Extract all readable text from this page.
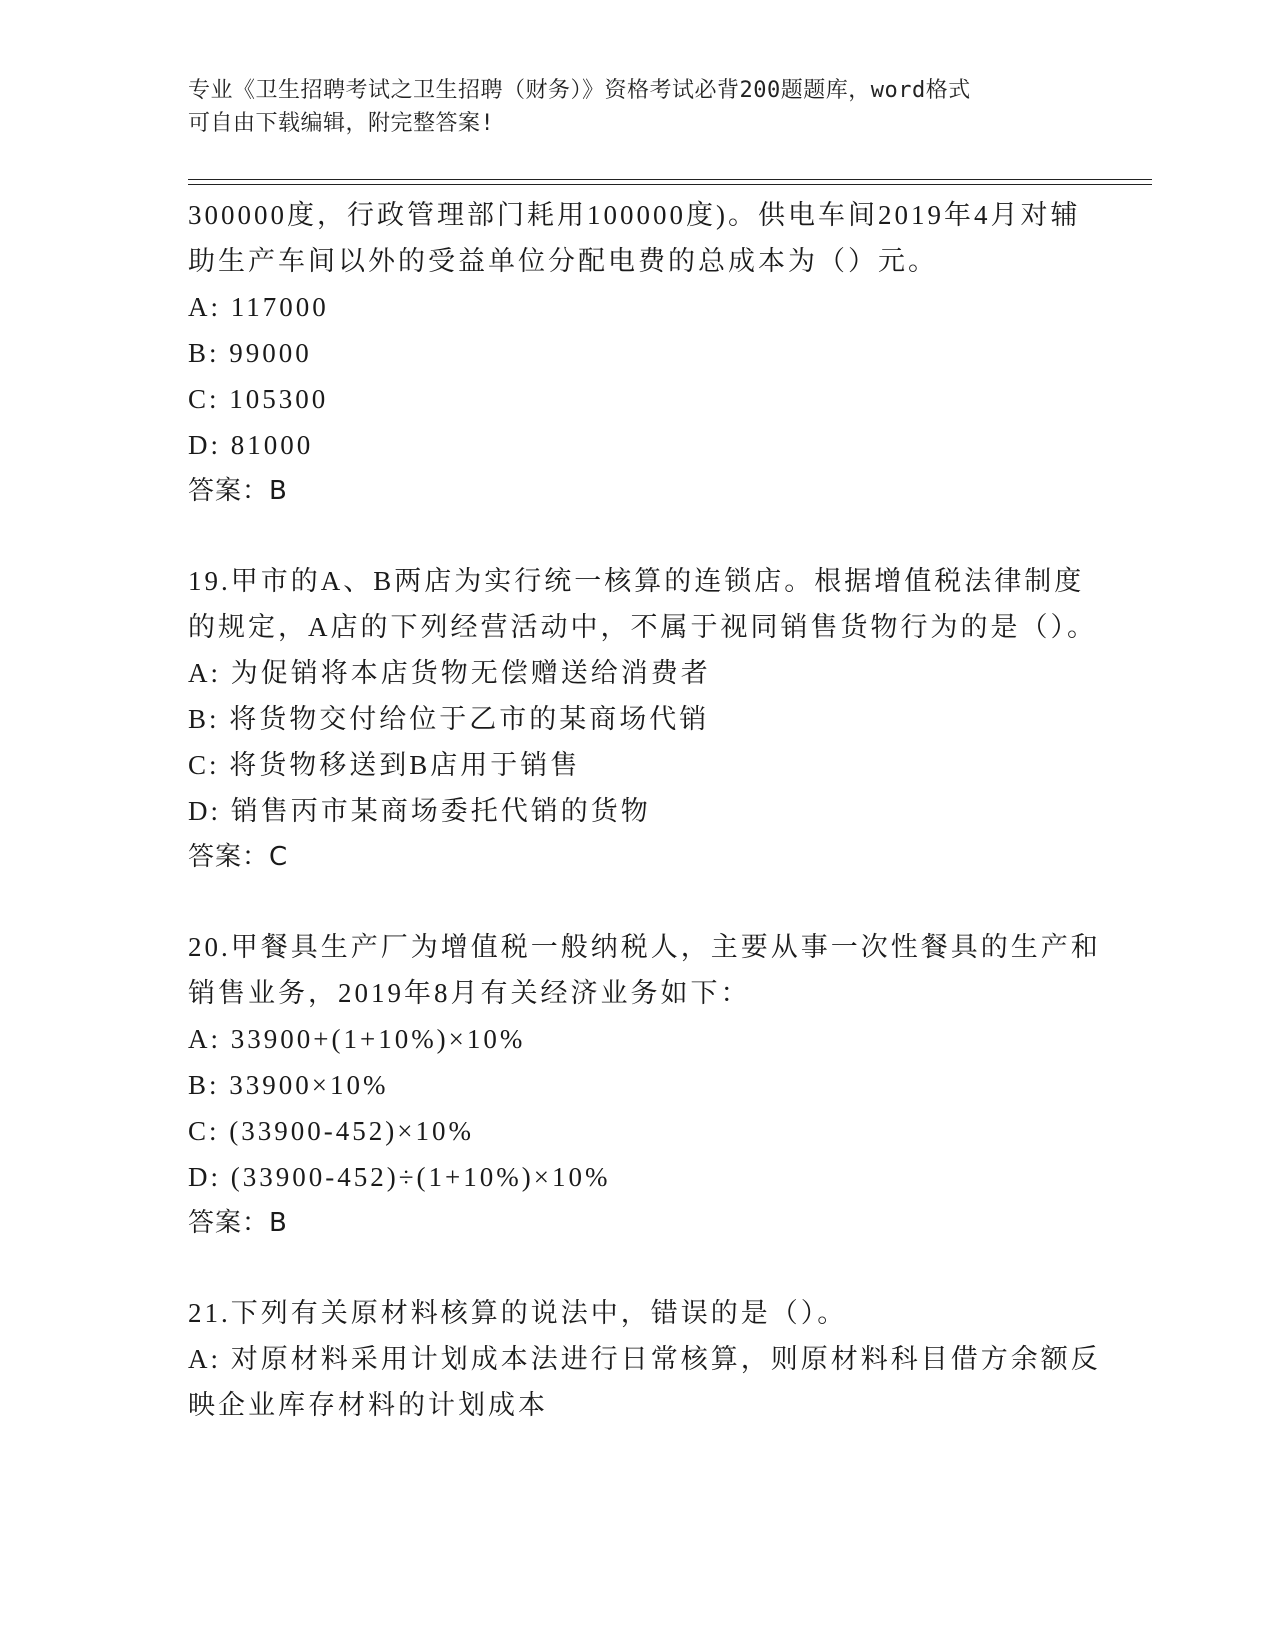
专业《卫生招聘考试之卫生招聘（财务）》资格考试必背200题题库，word格式
可自由下载编辑，附完整答案!
300000度，行政管理部门耗用100000度)。供电车间2019年4月对辅
助生产车间以外的受益单位分配电费的总成本为（）元。
A: 117000
B: 99000
C: 105300
D: 81000
答案：B
19.甲市的A、B两店为实行统一核算的连锁店。根据增值税法律制度
的规定，A店的下列经营活动中，不属于视同销售货物行为的是（）。
A: 为促销将本店货物无偿赠送给消费者
B: 将货物交付给位于乙市的某商场代销
C: 将货物移送到B店用于销售
D: 销售丙市某商场委托代销的货物
答案：C
20.甲餐具生产厂为增值税一般纳税人，主要从事一次性餐具的生产和
销售业务，2019年8月有关经济业务如下：
A: 33900+(1+10%)×10%
B: 33900×10%
C: (33900-452)×10%
D: (33900-452)÷(1+10%)×10%
答案：B
21.下列有关原材料核算的说法中，错误的是（）。
A: 对原材料采用计划成本法进行日常核算，则原材料科目借方余额反
映企业库存材料的计划成本
